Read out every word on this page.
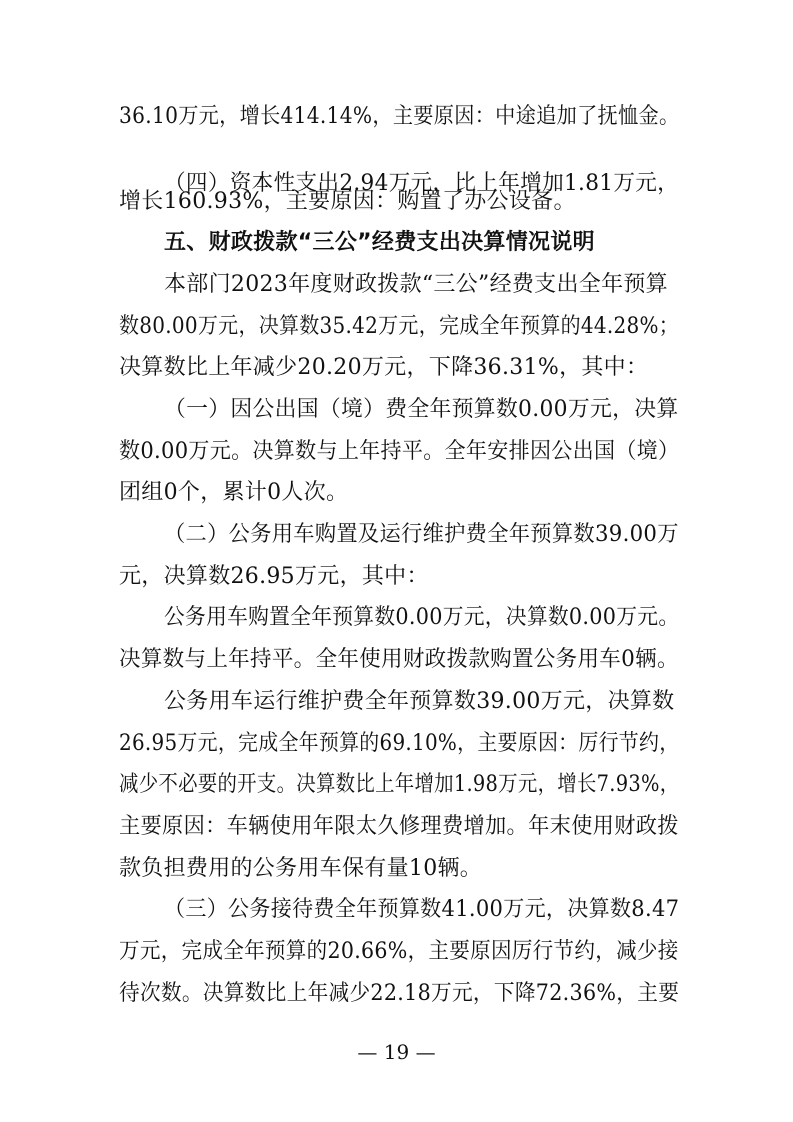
36.10万元，增长414.14%，主要原因：中途追加了抚恤金。
（四）资本性支出2.94万元，比上年增加1.81万元，
增长160.93%，主要原因：购置了办公设备。
五、财政拨款“三公”经费支出决算情况说明
本部门2023年度财政拨款“三公”经费支出全年预算
数80.00万元，决算数35.42万元，完成全年预算的44.28%；
决算数比上年减少20.20万元，下降36.31%，其中：
（一）因公出国（境）费全年预算数0.00万元，决算
数0.00万元。决算数与上年持平。全年安排因公出国（境）
团组0个，累计0人次。
（二）公务用车购置及运行维护费全年预算数39.00万
元，决算数26.95万元，其中：
公务用车购置全年预算数0.00万元，决算数0.00万元。
决算数与上年持平。全年使用财政拨款购置公务用车0辆。
公务用车运行维护费全年预算数39.00万元，决算数
26.95万元，完成全年预算的69.10%，主要原因：厉行节约，
减少不必要的开支。决算数比上年增加1.98万元，增长7.93%，
主要原因：车辆使用年限太久修理费增加。年末使用财政拨
款负担费用的公务用车保有量10辆。
（三）公务接待费全年预算数41.00万元，决算数8.47
万元，完成全年预算的20.66%，主要原因厉行节约，减少接
待次数。决算数比上年减少22.18万元，下降72.36%，主要
— 19 —
